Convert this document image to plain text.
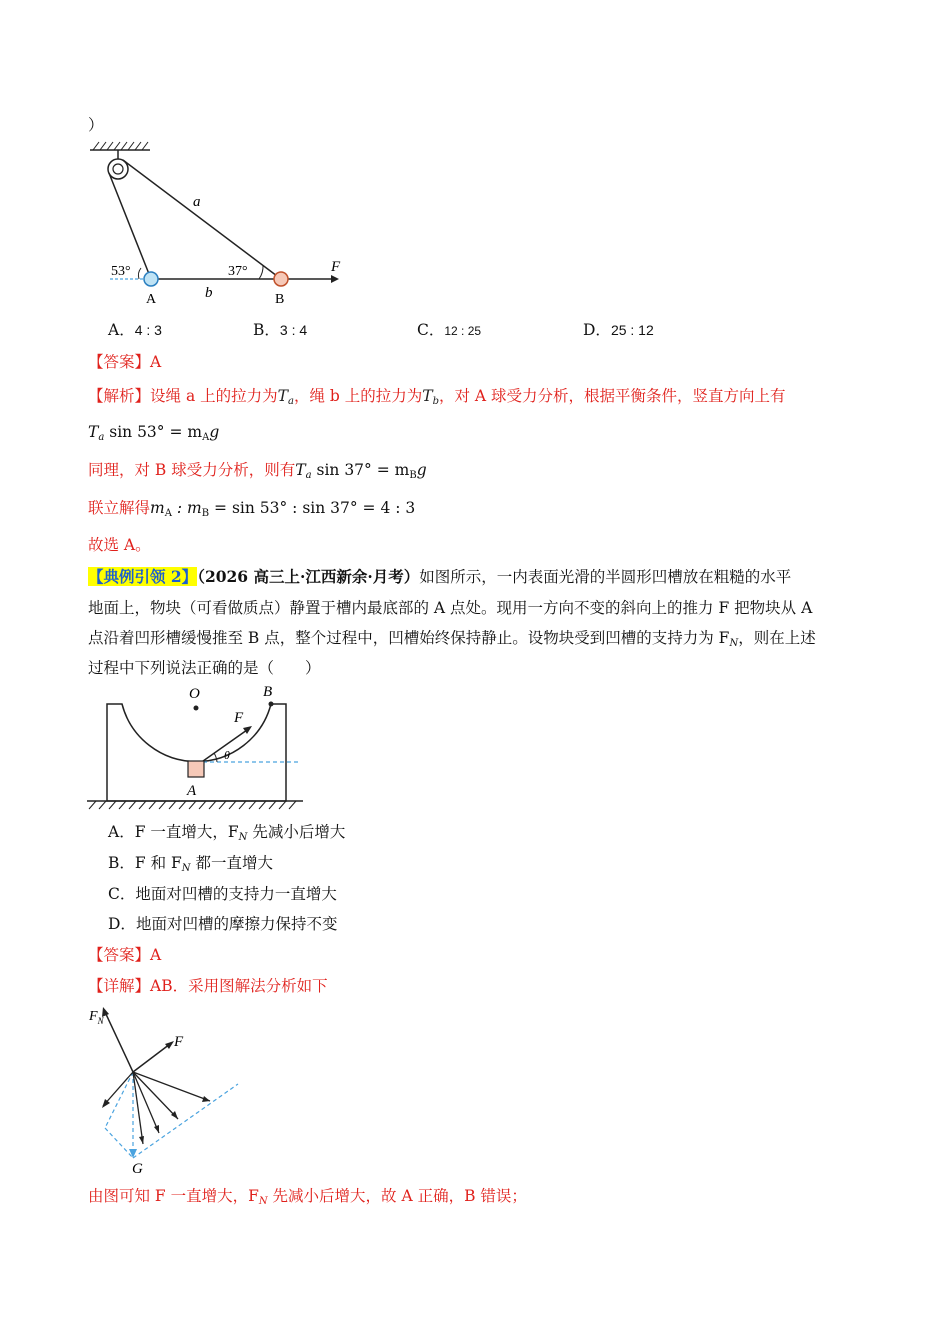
）
a
b
53°	37°
A	B
F
A．4 : 3	B．3 : 4	C．12 : 25	D．25 : 12
【答案】A
【解析】设绳 a 上的拉力为$T_a$，绳 b 上的拉力为$T_b$，对 A 球受力分析，根据平衡条件，竖直方向上有
$T_a$ $\sin 53^\circ = m_Ag$
同理，对 B 球受力分析，则有$T_a$ $\sin 37^\circ = m_Bg$
联立解得$m_A$ : $m_B = \sin 53^\circ$ : sin 37° = 4 : 3
故选 A。
【典例引领 2】（2026 高三上·江西新余·月考）如图所示，一内表面光滑的半圆形凹槽放在粗糙的水平
地面上，物块（可看做质点）静置于槽内最底部的 A 点处。现用一方向不变的斜向上的推力 F 把物块从 A
点沿着凹形槽缓慢推至 B 点，整个过程中，凹槽始终保持静止。设物块受到凹槽的支持力为 $F_N$，则在上述
过程中下列说法正确的是（　　）
O	B
F
θ
A
A．F 一直增大，$F_N$ 先减小后增大
B．F 和 $F_N$ 都一直增大
C．地面对凹槽的支持力一直增大
D．地面对凹槽的摩擦力保持不变
【答案】A
【详解】AB．采用图解法分析如下
$F_N$
F
G
由图可知 F 一直增大，$F_N$ 先减小后增大，故 A 正确，B 错误；
